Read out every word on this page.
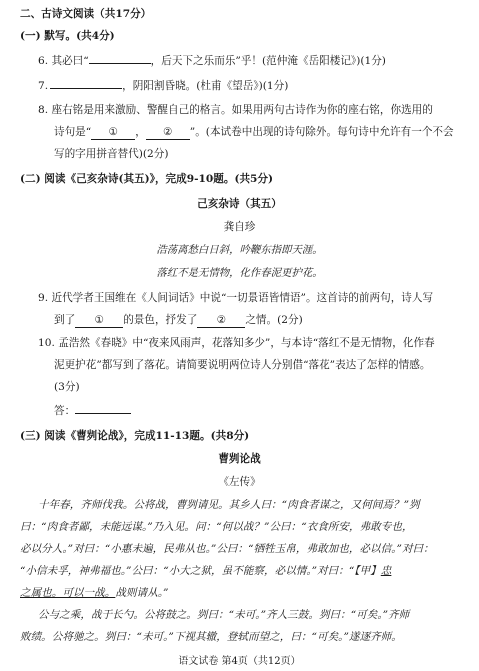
二、古诗文阅读（共17分）
(一) 默写。(共4分)
6. 其必曰“	，后天下之乐而乐”乎！(范仲淹《岳阳楼记》)(1分)
7.	，阴阳割昏晓。(杜甫《望岳》)(1分)
8. 座右铭是用来激励、警醒自己的格言。如果用两句古诗作为你的座右铭，你选用的
诗句是“ ① ， ② ”。(本试卷中出现的诗句除外。每句诗中允许有一个不会
写的字用拼音替代)(2分)
(二) 阅读《己亥杂诗(其五)》，完成9-10题。(共5分)
己亥杂诗（其五）
龚自珍
浩荡离愁白日斜，吟鞭东指即天涯。
落红不是无情物，化作春泥更护花。
9. 近代学者王国维在《人间词话》中说“一切景语皆情语”。这首诗的前两句，诗人写
到了 ① 的景色，抒发了 ② 之情。(2分)
10. 孟浩然《春晓》中“夜来风雨声，花落知多少”，与本诗“落红不是无情物，化作春
泥更护花”都写到了落花。请简要说明两位诗人分别借“落花”表达了怎样的情感。
(3分)
答：
(三) 阅读《曹刿论战》，完成11-13题。(共8分)
曹刿论战
《左传》
十年春，齐师伐我。公将战，曹刿请见。其乡人曰：“肉食者谋之，又何间焉？”刿
曰：“肉食者鄙，未能远谋。”乃入见。问：“何以战？”公曰：“衣食所安，弗敢专也，
必以分人。”对曰：“小惠未遍，民弗从也。”公曰：“牺牲玉帛，弗敢加也，必以信。”对曰：
“小信未孚，神弗福也。”公曰：“小大之狱，虽不能察，必以情。”对曰：“【甲】忠
之属也。可以一战。战则请从。”
公与之乘，战于长勺。公将鼓之。刿曰：“未可。”齐人三鼓。刿曰：“可矣。”齐师
败绩。公将驰之。刿曰：“未可。”下视其辙，登轼而望之，曰：“可矣。”遂逐齐师。
语文试卷 第4页（共12页）
